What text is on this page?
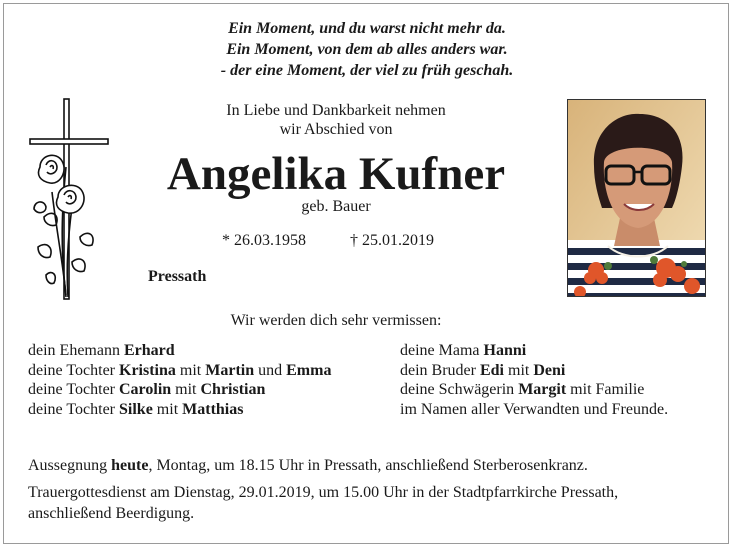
Ein Moment, und du warst nicht mehr da.
Ein Moment, von dem ab alles anders war.
- der eine Moment, der viel zu früh geschah.
In Liebe und Dankbarkeit nehmen
wir Abschied von
Angelika Kufner
geb. Bauer
* 26.03.1958	† 25.01.2019
Pressath
Wir werden dich sehr vermissen:
dein Ehemann Erhard
deine Tochter Kristina mit Martin und Emma
deine Tochter Carolin mit Christian
deine Tochter Silke mit Matthias
deine Mama Hanni
dein Bruder Edi mit Deni
deine Schwägerin Margit mit Familie
im Namen aller Verwandten und Freunde.
Aussegnung heute, Montag, um 18.15 Uhr in Pressath, anschließend Sterberosenkranz.
Trauergottesdienst am Dienstag, 29.01.2019, um 15.00 Uhr in der Stadtpfarrkirche Pressath,
anschließend Beerdigung.
